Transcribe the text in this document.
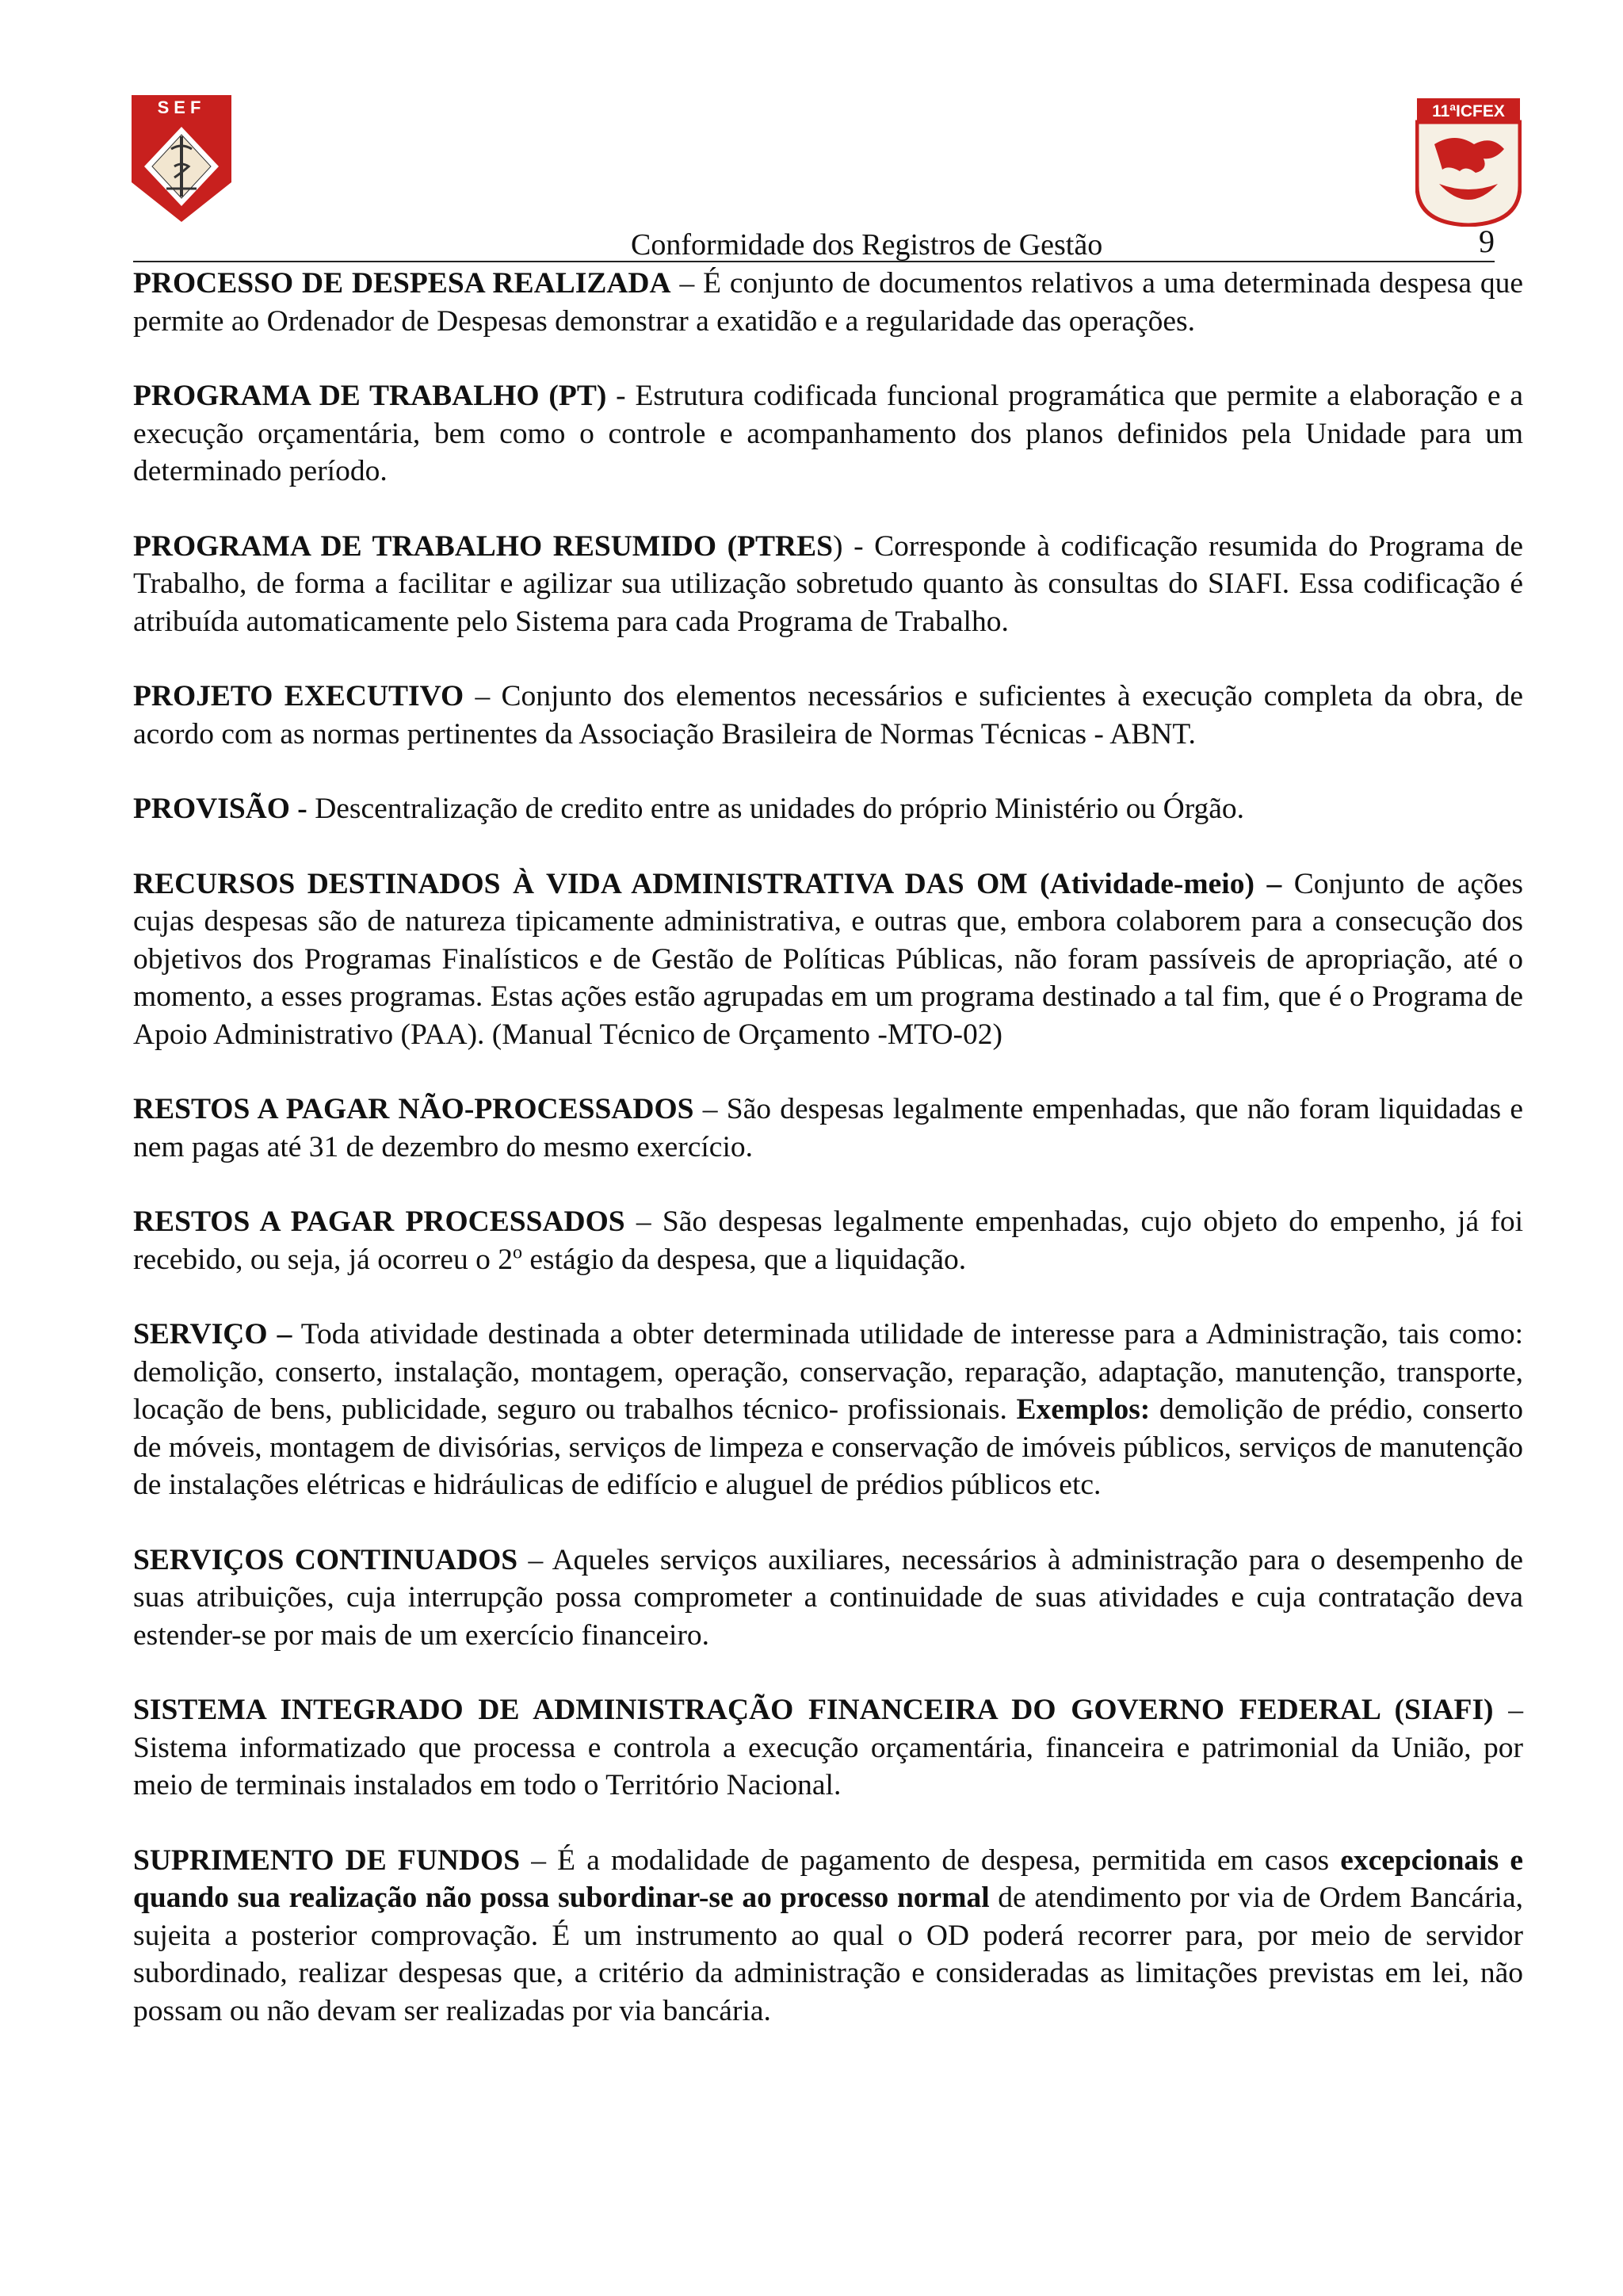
SEF	11ªICFEX
Conformidade dos Registros de Gestão	9

PROCESSO DE DESPESA REALIZADA – É conjunto de documentos relativos a uma determinada despesa que permite ao Ordenador de Despesas demonstrar a exatidão e a regularidade das operações.

PROGRAMA DE TRABALHO (PT) - Estrutura codificada funcional programática que permite a elaboração e a execução orçamentária, bem como o controle e acompanhamento dos planos definidos pela Unidade para um determinado período.

PROGRAMA DE TRABALHO RESUMIDO (PTRES) - Corresponde à codificação resumida do Programa de Trabalho, de forma a facilitar e agilizar sua utilização sobretudo quanto às consultas do SIAFI. Essa codificação é atribuída automaticamente pelo Sistema para cada Programa de Trabalho.

PROJETO EXECUTIVO – Conjunto dos elementos necessários e suficientes à execução completa da obra, de acordo com as normas pertinentes da Associação Brasileira de Normas Técnicas - ABNT.

PROVISÃO - Descentralização de credito entre as unidades do próprio Ministério ou Órgão.

RECURSOS DESTINADOS À VIDA ADMINISTRATIVA DAS OM (Atividade-meio) – Conjunto de ações cujas despesas são de natureza tipicamente administrativa, e outras que, embora colaborem para a consecução dos objetivos dos Programas Finalísticos e de Gestão de Políticas Públicas, não foram passíveis de apropriação, até o momento, a esses programas. Estas ações estão agrupadas em um programa destinado a tal fim, que é o Programa de Apoio Administrativo (PAA). (Manual Técnico de Orçamento -MTO-02)

RESTOS A PAGAR NÃO-PROCESSADOS – São despesas legalmente empenhadas, que não foram liquidadas e nem pagas até 31 de dezembro do mesmo exercício.

RESTOS A PAGAR PROCESSADOS – São despesas legalmente empenhadas, cujo objeto do empenho, já foi recebido, ou seja, já ocorreu o 2$^o$ estágio da despesa, que a liquidação.

SERVIÇO – Toda atividade destinada a obter determinada utilidade de interesse para a Administração, tais como: demolição, conserto, instalação, montagem, operação, conservação, reparação, adaptação, manutenção, transporte, locação de bens, publicidade, seguro ou trabalhos técnico- profissionais. Exemplos: demolição de prédio, conserto de móveis, montagem de divisórias, serviços de limpeza e conservação de imóveis públicos, serviços de manutenção de instalações elétricas e hidráulicas de edifício e aluguel de prédios públicos etc.

SERVIÇOS CONTINUADOS – Aqueles serviços auxiliares, necessários à administração para o desempenho de suas atribuições, cuja interrupção possa comprometer a continuidade de suas atividades e cuja contratação deva estender-se por mais de um exercício financeiro.

SISTEMA INTEGRADO DE ADMINISTRAÇÃO FINANCEIRA DO GOVERNO FEDERAL (SIAFI) – Sistema informatizado que processa e controla a execução orçamentária, financeira e patrimonial da União, por meio de terminais instalados em todo o Território Nacional.

SUPRIMENTO DE FUNDOS – É a modalidade de pagamento de despesa, permitida em casos excepcionais e quando sua realização não possa subordinar-se ao processo normal de atendimento por via de Ordem Bancária, sujeita a posterior comprovação. É um instrumento ao qual o OD poderá recorrer para, por meio de servidor subordinado, realizar despesas que, a critério da administração e consideradas as limitações previstas em lei, não possam ou não devam ser realizadas por via bancária.
